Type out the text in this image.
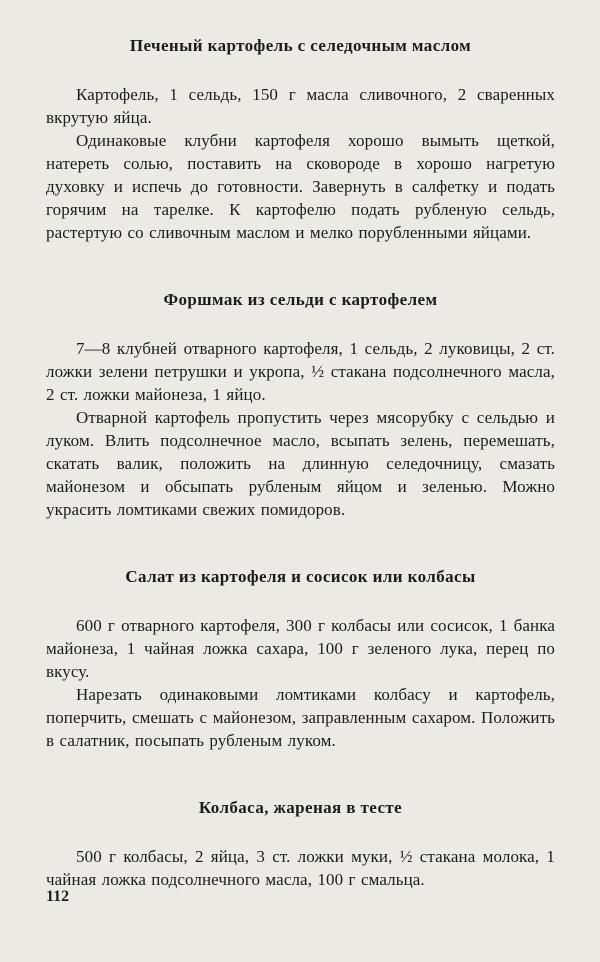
Печеный картофель с селедочным маслом

Картофель, 1 сельдь, 150 г масла сливочного, 2 сваренных вкрутую яйца.

Одинаковые клубни картофеля хорошо вымыть щеткой, натереть солью, поставить на сковороде в хорошо нагретую духовку и испечь до готовности. Завернуть в салфетку и подать горячим на тарелке. К картофелю подать рубленую сельдь, растертую со сливочным маслом и мелко порубленными яйцами.

Форшмак из сельди с картофелем

7—8 клубней отварного картофеля, 1 сельдь, 2 луковицы, 2 ст. ложки зелени петрушки и укропа, ½ стакана подсолнечного масла, 2 ст. ложки майонеза, 1 яйцо.

Отварной картофель пропустить через мясорубку с сельдью и луком. Влить подсолнечное масло, всыпать зелень, перемешать, скатать валик, положить на длинную селедочницу, смазать майонезом и обсыпать рубленым яйцом и зеленью. Можно украсить ломтиками свежих помидоров.

Салат из картофеля и сосисок или колбасы

600 г отварного картофеля, 300 г колбасы или сосисок, 1 банка майонеза, 1 чайная ложка сахара, 100 г зеленого лука, перец по вкусу.

Нарезать одинаковыми ломтиками колбасу и картофель, поперчить, смешать с майонезом, заправленным сахаром. Положить в салатник, посыпать рубленым луком.

Колбаса, жареная в тесте

500 г колбасы, 2 яйца, 3 ст. ложки муки, ½ стакана молока, 1 чайная ложка подсолнечного масла, 100 г смальца.

112
